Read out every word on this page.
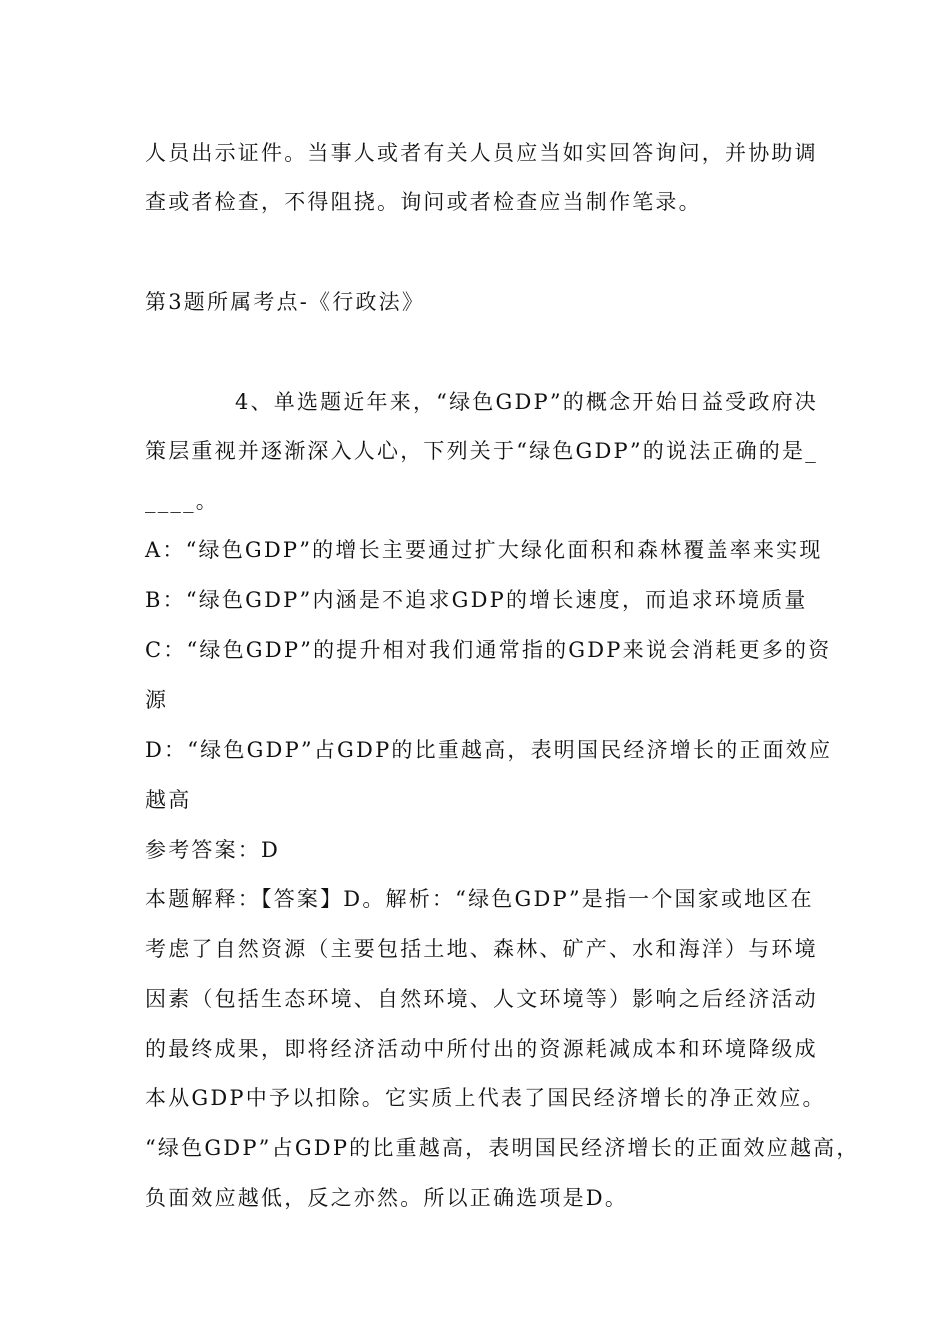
人员出示证件。当事人或者有关人员应当如实回答询问，并协助调
查或者检查，不得阻挠。询问或者检查应当制作笔录。
第3题所属考点-《行政法》
4、单选题近年来，“绿色GDP”的概念开始日益受政府决
策层重视并逐渐深入人心，下列关于“绿色GDP”的说法正确的是_
____。
A：“绿色GDP”的增长主要通过扩大绿化面积和森林覆盖率来实现
B：“绿色GDP”内涵是不追求GDP的增长速度，而追求环境质量
C：“绿色GDP”的提升相对我们通常指的GDP来说会消耗更多的资
源
D：“绿色GDP”占GDP的比重越高，表明国民经济增长的正面效应
越高
参考答案：D
本题解释：【答案】D。解析：“绿色GDP”是指一个国家或地区在
考虑了自然资源（主要包括土地、森林、矿产、水和海洋）与环境
因素（包括生态环境、自然环境、人文环境等）影响之后经济活动
的最终成果，即将经济活动中所付出的资源耗减成本和环境降级成
本从GDP中予以扣除。它实质上代表了国民经济增长的净正效应。
“绿色GDP”占GDP的比重越高，表明国民经济增长的正面效应越高，
负面效应越低，反之亦然。所以正确选项是D。
